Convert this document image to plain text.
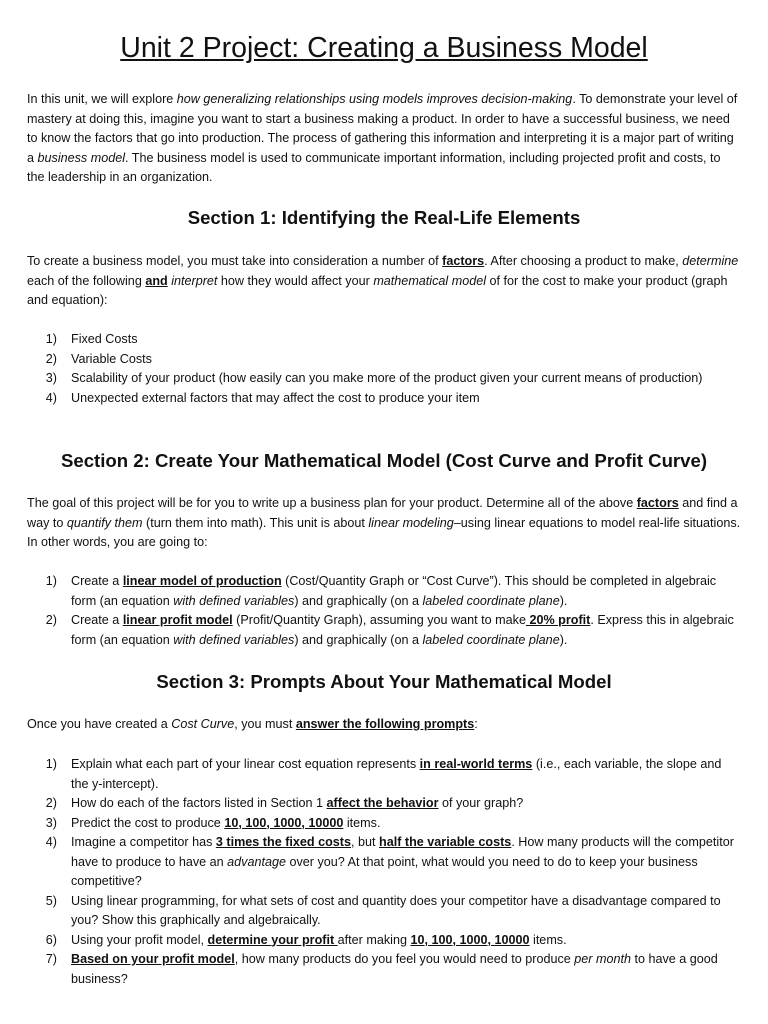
Unit 2 Project: Creating a Business Model

In this unit, we will explore how generalizing relationships using models improves decision-making. To demonstrate your level of mastery at doing this, imagine you want to start a business making a product. In order to have a successful business, we need to know the factors that go into production. The process of gathering this information and interpreting it is a major part of writing a business model. The business model is used to communicate important information, including projected profit and costs, to the leadership in an organization.

Section 1: Identifying the Real-Life Elements

To create a business model, you must take into consideration a number of factors. After choosing a product to make, determine each of the following and interpret how they would affect your mathematical model of for the cost to make your product (graph and equation):

1) Fixed Costs
2) Variable Costs
3) Scalability of your product (how easily can you make more of the product given your current means of production)
4) Unexpected external factors that may affect the cost to produce your item
Section 2: Create Your Mathematical Model (Cost Curve and Profit Curve)

The goal of this project will be for you to write up a business plan for your product. Determine all of the above factors and find a way to quantify them (turn them into math). This unit is about linear modeling–using linear equations to model real-life situations. In other words, you are going to:

1) Create a linear model of production (Cost/Quantity Graph or “Cost Curve”). This should be completed in algebraic form (an equation with defined variables) and graphically (on a labeled coordinate plane).
2) Create a linear profit model (Profit/Quantity Graph), assuming you want to make 20% profit. Express this in algebraic form (an equation with defined variables) and graphically (on a labeled coordinate plane).
Section 3: Prompts About Your Mathematical Model

Once you have created a Cost Curve, you must answer the following prompts:

1) Explain what each part of your linear cost equation represents in real-world terms (i.e., each variable, the slope and the y-intercept).
2) How do each of the factors listed in Section 1 affect the behavior of your graph?
3) Predict the cost to produce 10, 100, 1000, 10000 items.
4) Imagine a competitor has 3 times the fixed costs, but half the variable costs. How many products will the competitor have to produce to have an advantage over you? At that point, what would you need to do to keep your business competitive?
5) Using linear programming, for what sets of cost and quantity does your competitor have a disadvantage compared to you? Show this graphically and algebraically.
6) Using your profit model, determine your profit after making 10, 100, 1000, 10000 items.
7) Based on your profit model, how many products do you feel you would need to produce per month to have a good business?
